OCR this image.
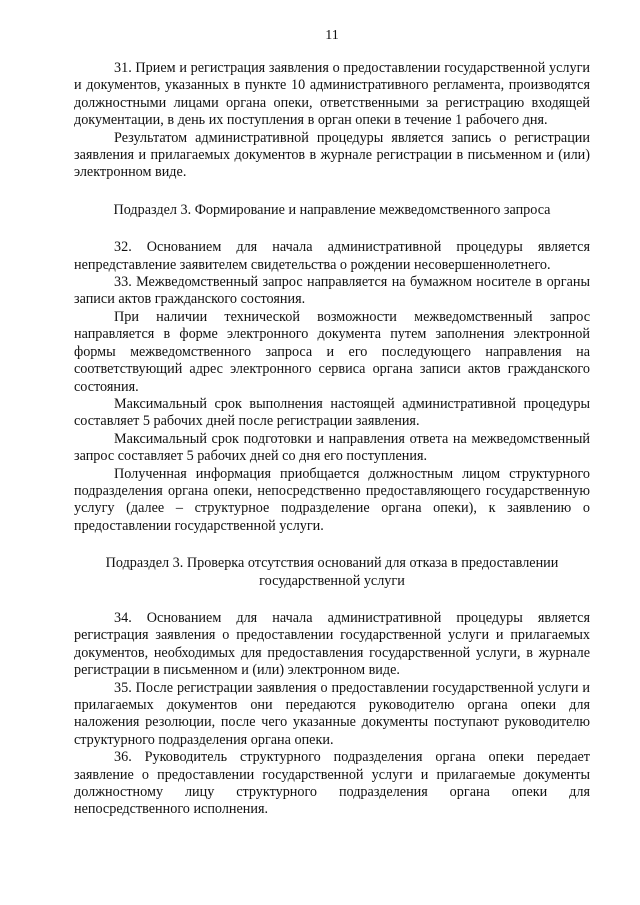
11

31. Прием и регистрация заявления о предоставлении государственной услуги и документов, указанных в пункте 10 административного регламента, производятся должностными лицами органа опеки, ответственными за регистрацию входящей документации, в день их поступления в орган опеки в течение 1 рабочего дня.

Результатом административной процедуры является запись о регистрации заявления и прилагаемых документов в журнале регистрации в письменном и (или) электронном виде.

Подраздел 3. Формирование и направление межведомственного запроса

32. Основанием для начала административной процедуры является непредставление заявителем свидетельства о рождении несовершеннолетнего.

33. Межведомственный запрос направляется на бумажном носителе в органы записи актов гражданского состояния.

При наличии технической возможности межведомственный запрос направляется в форме электронного документа путем заполнения электронной формы межведомственного запроса и его последующего направления на соответствующий адрес электронного сервиса органа записи актов гражданского состояния.

Максимальный срок выполнения настоящей административной процедуры составляет 5 рабочих дней после регистрации заявления.

Максимальный срок подготовки и направления ответа на межведомственный запрос составляет 5 рабочих дней со дня его поступления.

Полученная информация приобщается должностным лицом структурного подразделения органа опеки, непосредственно предоставляющего государственную услугу (далее – структурное подразделение органа опеки), к заявлению о предоставлении государственной услуги.

Подраздел 3. Проверка отсутствия оснований для отказа в предоставлении
государственной услуги

34. Основанием для начала административной процедуры является регистрация заявления о предоставлении государственной услуги и прилагаемых документов, необходимых для предоставления государственной услуги, в журнале регистрации в письменном и (или) электронном виде.

35. После регистрации заявления о предоставлении государственной услуги и прилагаемых документов они передаются руководителю органа опеки для наложения резолюции, после чего указанные документы поступают руководителю структурного подразделения органа опеки.

36. Руководитель структурного подразделения органа опеки передает заявление о предоставлении государственной услуги и прилагаемые документы должностному лицу структурного подразделения органа опеки для непосредственного исполнения.
